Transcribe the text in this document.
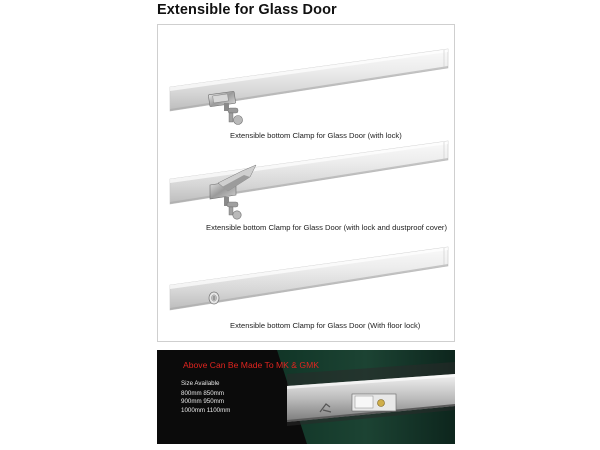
Extensible for Glass Door
Extensible bottom Clamp for Glass Door (with lock)
Extensible bottom Clamp for Glass Door (with lock and dustproof cover)
Extensible bottom Clamp for Glass Door (With floor lock)
Above Can Be Made To MK & GMK
Size Available
800mm 850mm
900mm 950mm
1000mm 1100mm
